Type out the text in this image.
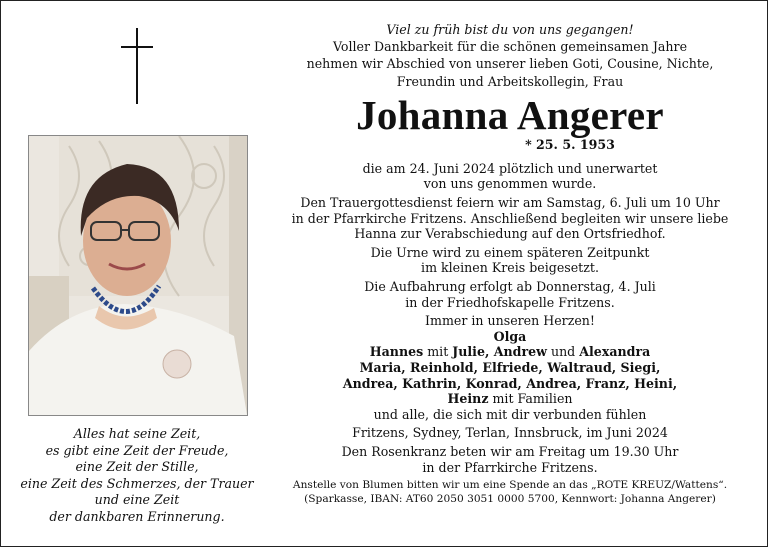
Alles hat seine Zeit,
es gibt eine Zeit der Freude,
eine Zeit der Stille,
eine Zeit des Schmerzes, der Trauer
und eine Zeit
der dankbaren Erinnerung.
Viel zu früh bist du von uns gegangen!
Voller Dankbarkeit für die schönen gemeinsamen Jahre
nehmen wir Abschied von unserer lieben Goti, Cousine, Nichte,
Freundin und Arbeitskollegin, Frau
Johanna Angerer
* 25. 5. 1953
die am 24. Juni 2024 plötzlich und unerwartet
von uns genommen wurde.
Den Trauergottesdienst feiern wir am Samstag, 6. Juli um 10 Uhr
in der Pfarrkirche Fritzens. Anschließend begleiten wir unsere liebe
Hanna zur Verabschiedung auf den Ortsfriedhof.
Die Urne wird zu einem späteren Zeitpunkt
im kleinen Kreis beigesetzt.
Die Aufbahrung erfolgt ab Donnerstag, 4. Juli
in der Friedhofskapelle Fritzens.
Immer in unseren Herzen!
Olga
Hannes mit Julie, Andrew und Alexandra
Maria, Reinhold, Elfriede, Waltraud, Siegi,
Andrea, Kathrin, Konrad, Andrea, Franz, Heini,
Heinz mit Familien
und alle, die sich mit dir verbunden fühlen
Fritzens, Sydney, Terlan, Innsbruck, im Juni 2024
Den Rosenkranz beten wir am Freitag um 19.30 Uhr
in der Pfarrkirche Fritzens.
Anstelle von Blumen bitten wir um eine Spende an das „ROTE KREUZ/Wattens“.
(Sparkasse, IBAN: AT60 2050 3051 0000 5700, Kennwort: Johanna Angerer)
